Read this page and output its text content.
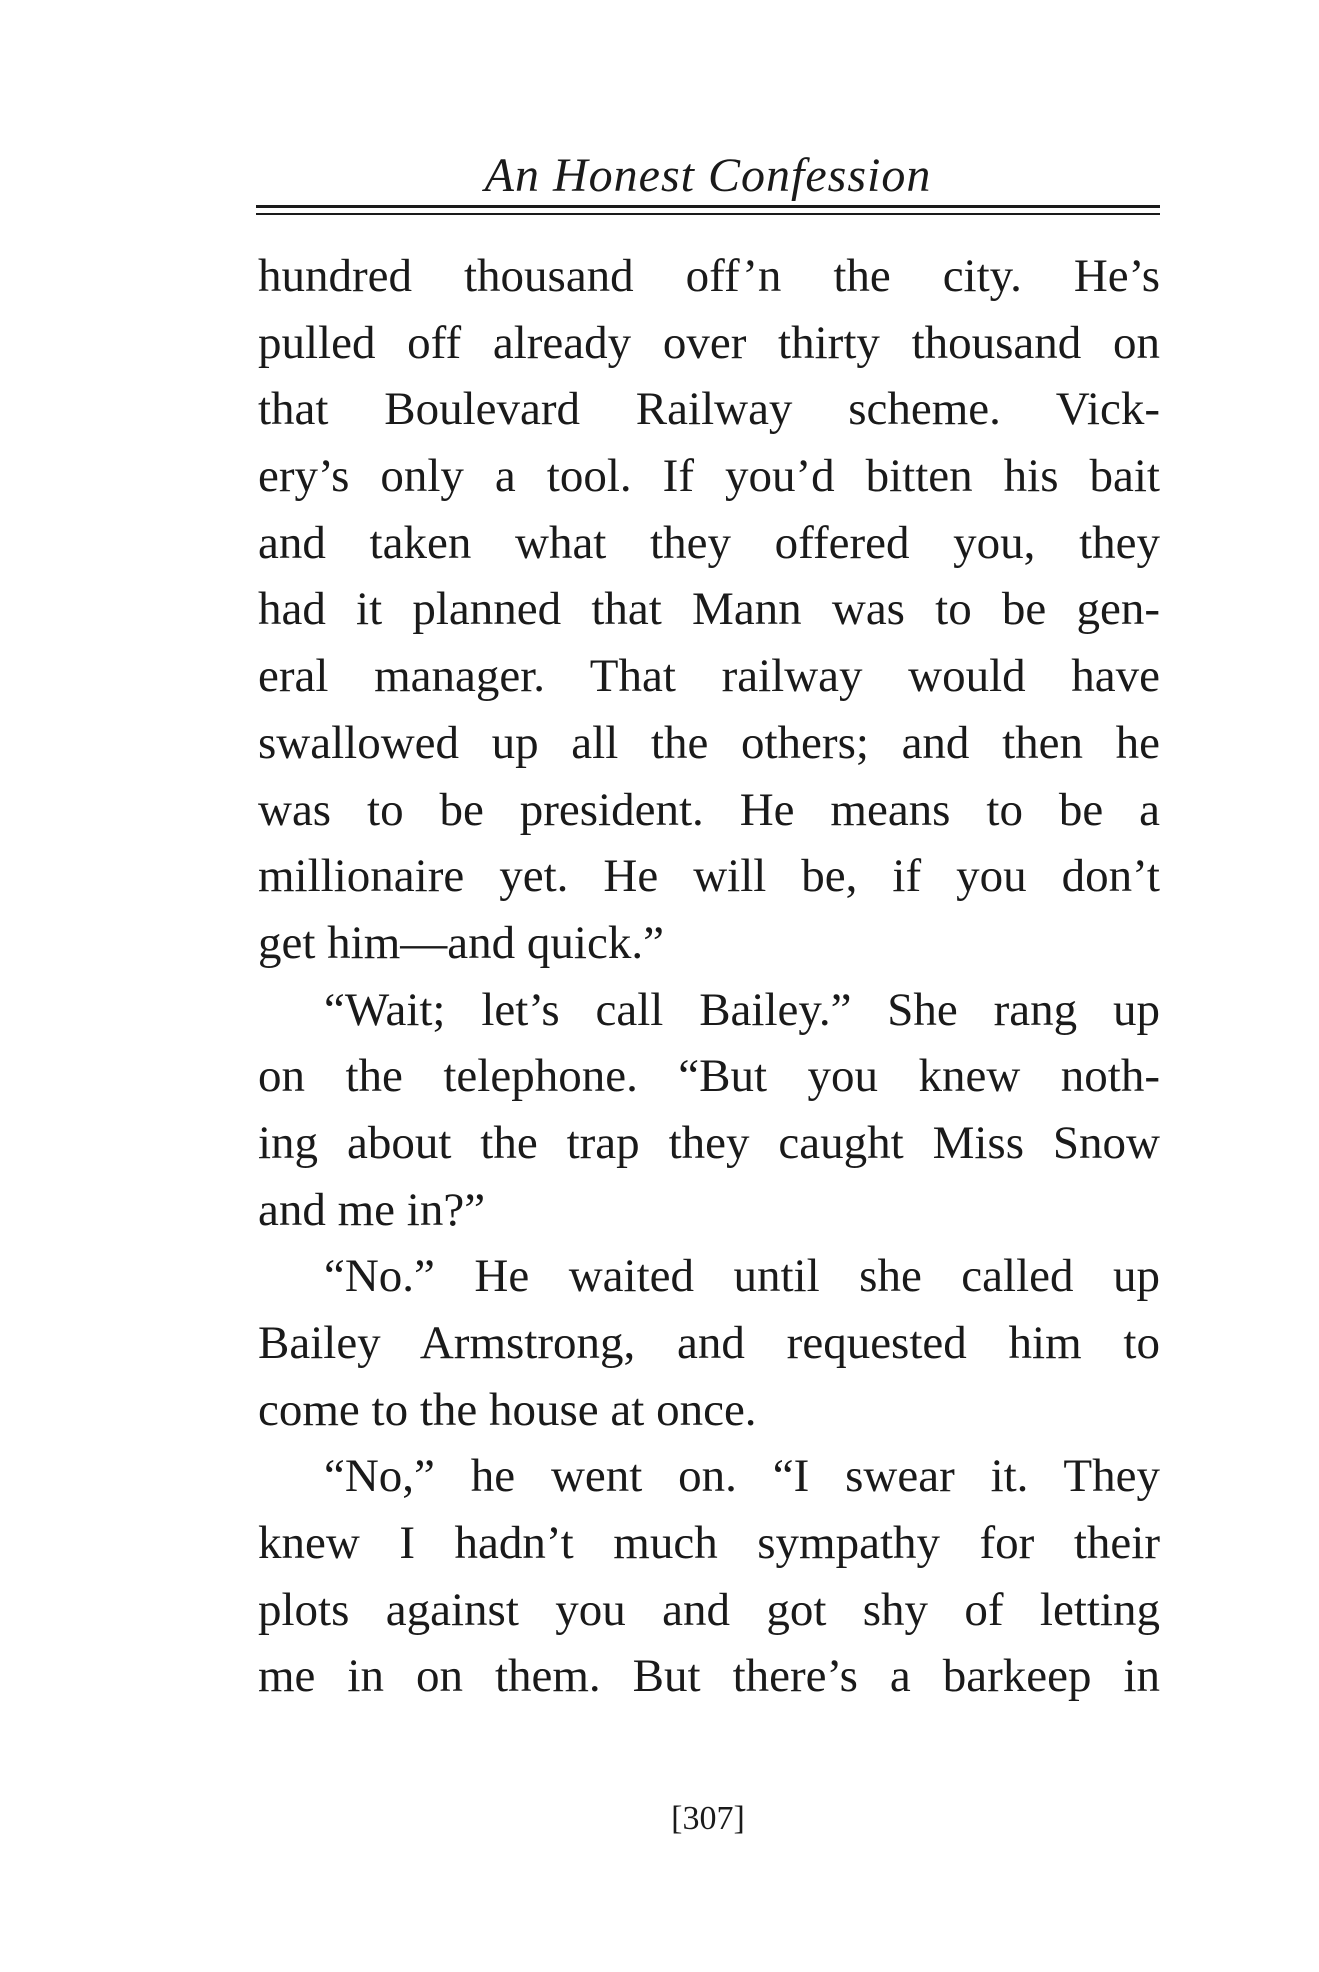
An Honest Confession
hundred thousand off’n the city. He’s
pulled off already over thirty thousand on
that Boulevard Railway scheme. Vick-
ery’s only a tool. If you’d bitten his bait
and taken what they offered you, they
had it planned that Mann was to be gen-
eral manager. That railway would have
swallowed up all the others; and then he
was to be president. He means to be a
millionaire yet. He will be, if you don’t
get him—and quick.”
“Wait; let’s call Bailey.” She rang up
on the telephone. “But you knew noth-
ing about the trap they caught Miss Snow
and me in?”
“No.” He waited until she called up
Bailey Armstrong, and requested him to
come to the house at once.
“No,” he went on. “I swear it. They
knew I hadn’t much sympathy for their
plots against you and got shy of letting
me in on them. But there’s a barkeep in
[307]
